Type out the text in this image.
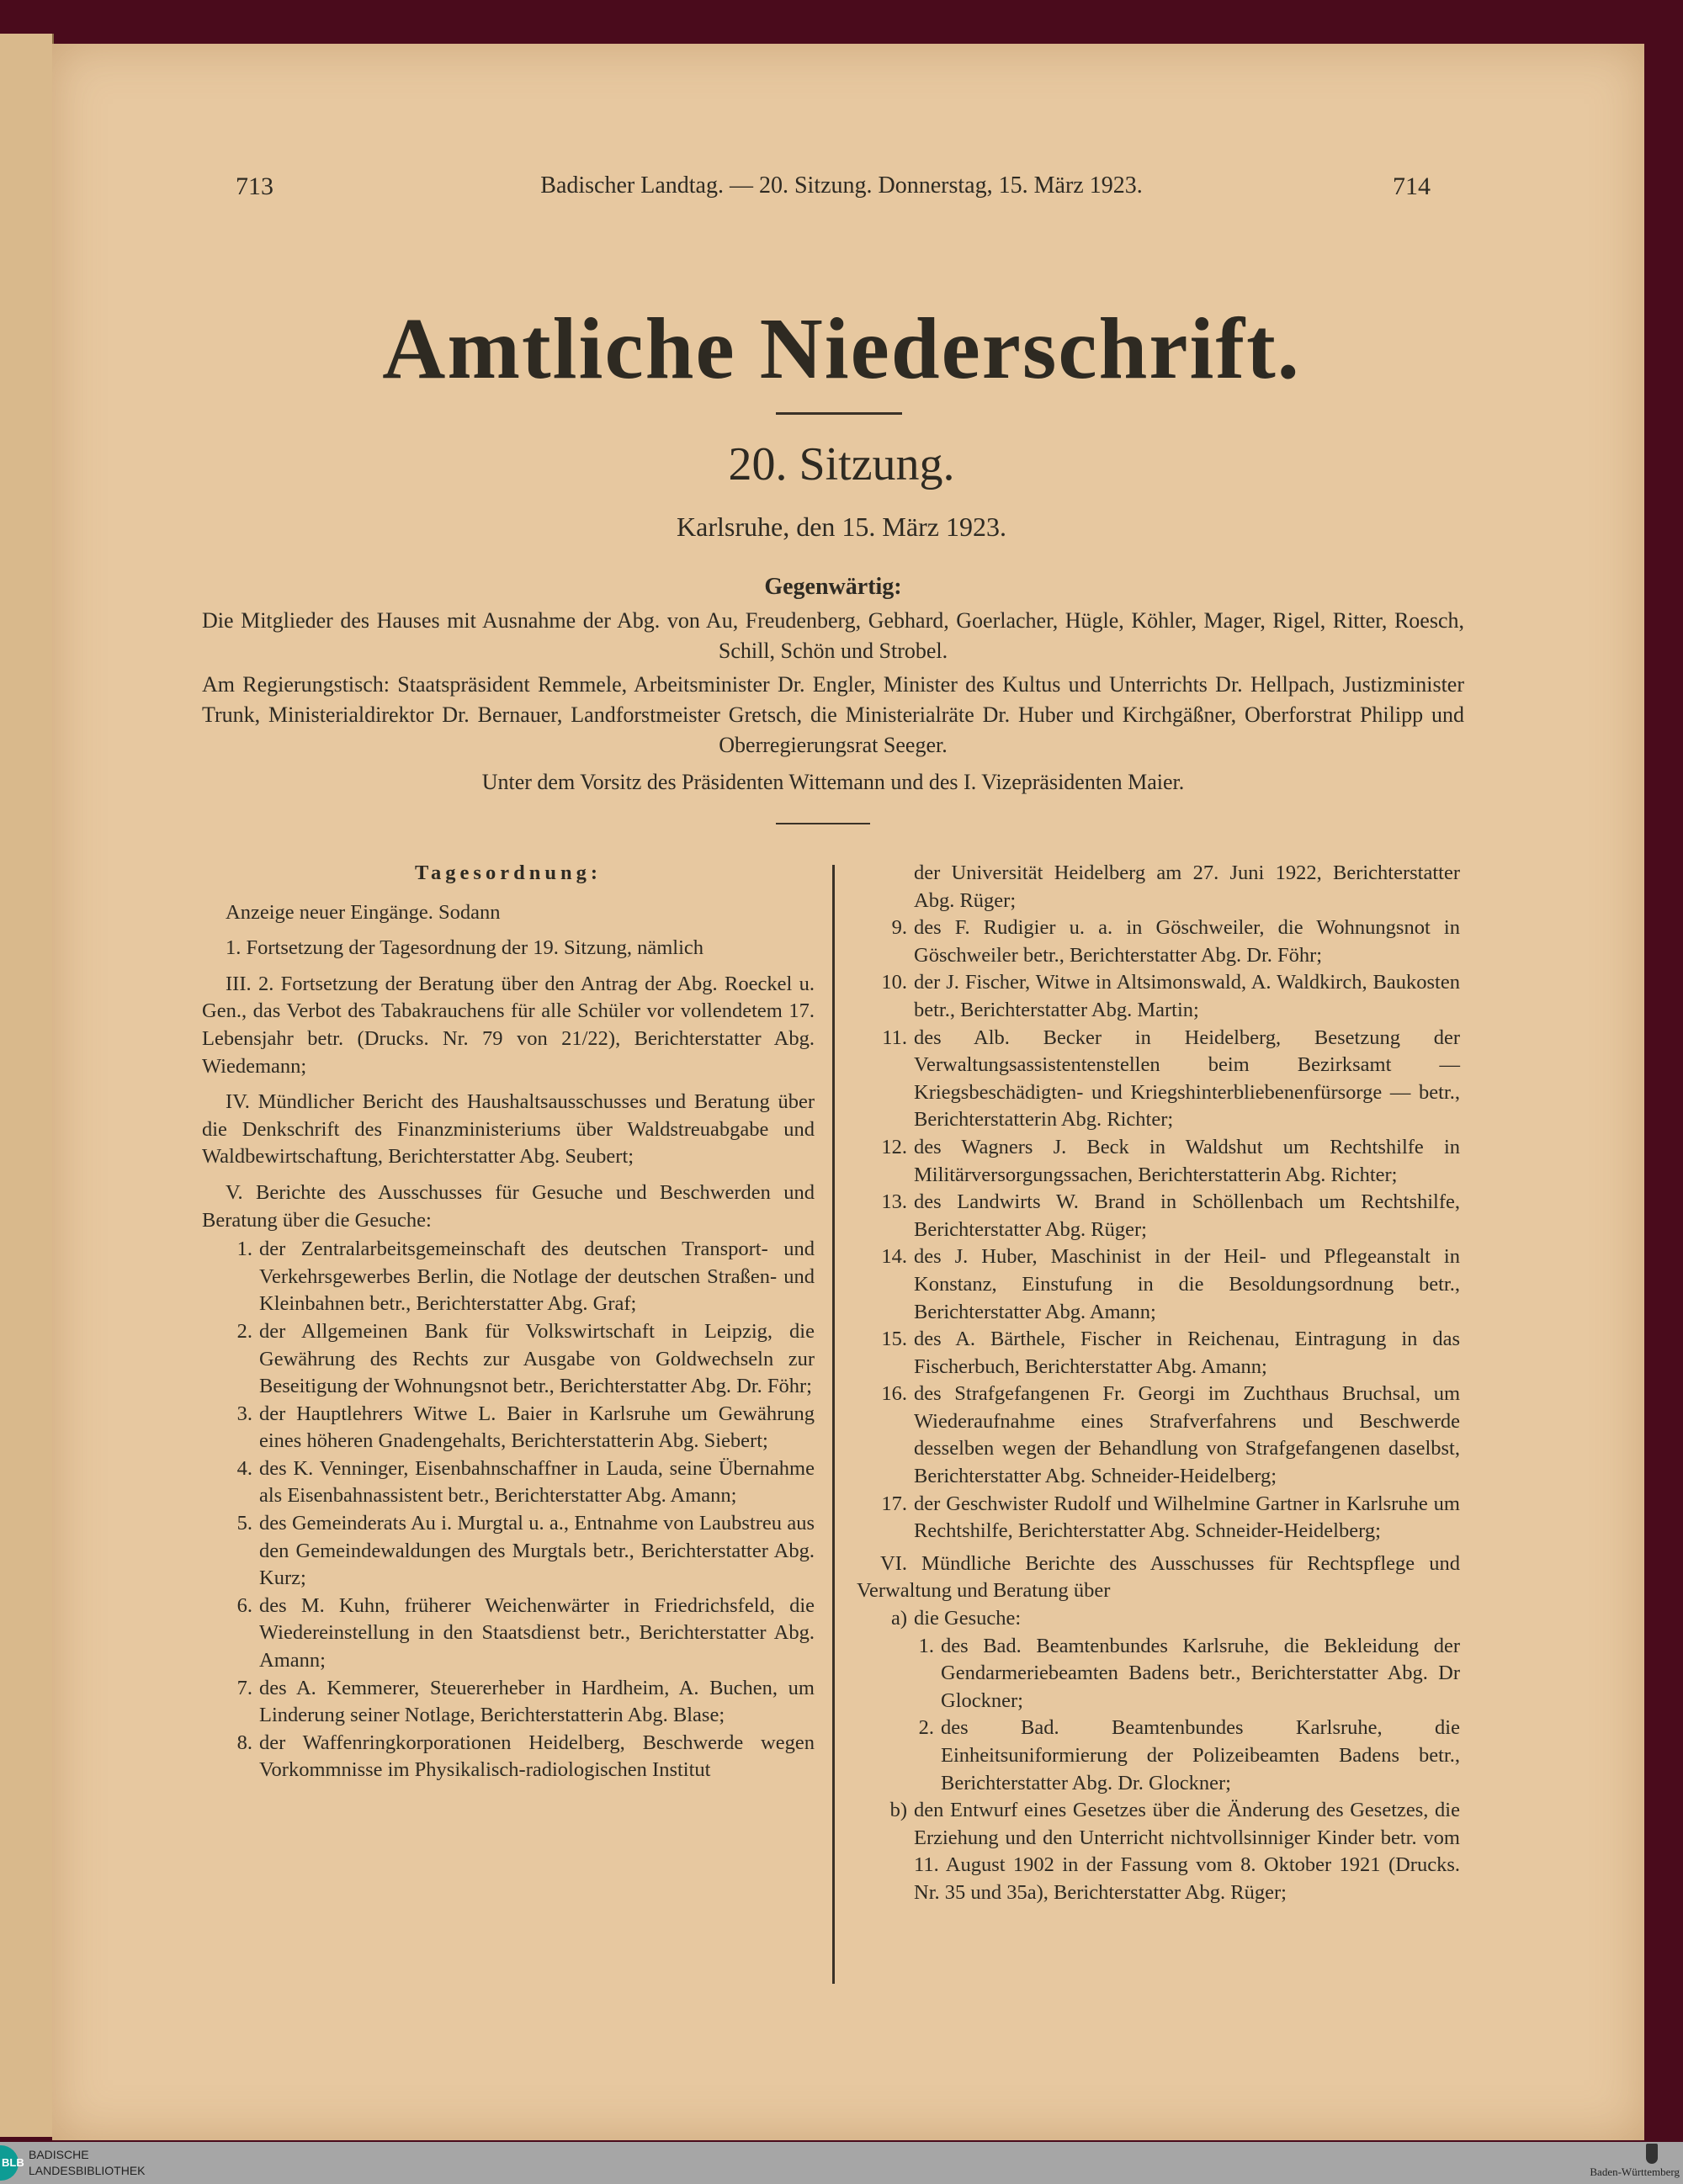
713	Badischer Landtag. — 20. Sitzung. Donnerstag, 15. März 1923.	714
Amtliche Niederschrift.
20. Sitzung.
Karlsruhe, den 15. März 1923.
Gegenwärtig:

Die Mitglieder des Hauses mit Ausnahme der Abg. von Au, Freudenberg, Gebhard, Goerlacher, Hügle, Köhler, Mager, Rigel, Ritter, Roesch, Schill, Schön und Strobel.

Am Regierungstisch: Staatspräsident Remmele, Arbeitsminister Dr. Engler, Minister des Kultus und Unterrichts Dr. Hellpach, Justizminister Trunk, Ministerialdirektor Dr. Bernauer, Landforstmeister Gretsch, die Ministerialräte Dr. Huber und Kirchgäßner, Oberforstrat Philipp und Oberregierungsrat Seeger.

Unter dem Vorsitz des Präsidenten Wittemann und des I. Vizepräsidenten Maier.

Tagesordnung:

Anzeige neuer Eingänge. Sodann

1. Fortsetzung der Tagesordnung der 19. Sitzung, nämlich

III. 2. Fortsetzung der Beratung über den Antrag der Abg. Roeckel u. Gen., das Verbot des Tabakrauchens für alle Schüler vor vollendetem 17. Lebensjahr betr. (Drucks. Nr. 79 von 21/22), Berichterstatter Abg. Wiedemann;

IV. Mündlicher Bericht des Haushaltsausschusses und Beratung über die Denkschrift des Finanzministeriums über Waldstreuabgabe und Waldbewirtschaftung, Berichterstatter Abg. Seubert;

V. Berichte des Ausschusses für Gesuche und Beschwerden und Beratung über die Gesuche:

1. der Zentralarbeitsgemeinschaft des deutschen Transport- und Verkehrsgewerbes Berlin, die Notlage der deutschen Straßen- und Kleinbahnen betr., Berichterstatter Abg. Graf;
2. der Allgemeinen Bank für Volkswirtschaft in Leipzig, die Gewährung des Rechts zur Ausgabe von Goldwechseln zur Beseitigung der Wohnungsnot betr., Berichterstatter Abg. Dr. Föhr;
3. der Hauptlehrers Witwe L. Baier in Karlsruhe um Gewährung eines höheren Gnadengehalts, Berichterstatterin Abg. Siebert;
4. des K. Venninger, Eisenbahnschaffner in Lauda, seine Übernahme als Eisenbahnassistent betr., Berichterstatter Abg. Amann;
5. des Gemeinderats Au i. Murgtal u. a., Entnahme von Laubstreu aus den Gemeindewaldungen des Murgtals betr., Berichterstatter Abg. Kurz;
6. des M. Kuhn, früherer Weichenwärter in Friedrichsfeld, die Wiedereinstellung in den Staatsdienst betr., Berichterstatter Abg. Amann;
7. des A. Kemmerer, Steuererheber in Hardheim, A. Buchen, um Linderung seiner Notlage, Berichterstatterin Abg. Blase;
8. der Waffenringkorporationen Heidelberg, Beschwerde wegen Vorkommnisse im Physikalisch-radiologischen Institut
der Universität Heidelberg am 27. Juni 1922, Berichterstatter Abg. Rüger;
9. des F. Rudigier u. a. in Göschweiler, die Wohnungsnot in Göschweiler betr., Berichterstatter Abg. Dr. Föhr;
10. der J. Fischer, Witwe in Altsimonswald, A. Waldkirch, Baukosten betr., Berichterstatter Abg. Martin;
11. des Alb. Becker in Heidelberg, Besetzung der Verwaltungsassistentenstellen beim Bezirksamt — Kriegsbeschädigten- und Kriegshinterbliebenenfürsorge — betr., Berichterstatterin Abg. Richter;
12. des Wagners J. Beck in Waldshut um Rechtshilfe in Militärversorgungssachen, Berichterstatterin Abg. Richter;
13. des Landwirts W. Brand in Schöllenbach um Rechtshilfe, Berichterstatter Abg. Rüger;
14. des J. Huber, Maschinist in der Heil- und Pflegeanstalt in Konstanz, Einstufung in die Besoldungsordnung betr., Berichterstatter Abg. Amann;
15. des A. Bärthele, Fischer in Reichenau, Eintragung in das Fischerbuch, Berichterstatter Abg. Amann;
16. des Strafgefangenen Fr. Georgi im Zuchthaus Bruchsal, um Wiederaufnahme eines Strafverfahrens und Beschwerde desselben wegen der Behandlung von Strafgefangenen daselbst, Berichterstatter Abg. Schneider-Heidelberg;
17. der Geschwister Rudolf und Wilhelmine Gartner in Karlsruhe um Rechtshilfe, Berichterstatter Abg. Schneider-Heidelberg;

VI. Mündliche Berichte des Ausschusses für Rechtspflege und Verwaltung und Beratung über

a) die Gesuche:
1. des Bad. Beamtenbundes Karlsruhe, die Bekleidung der Gendarmeriebeamten Badens betr., Berichterstatter Abg. Dr Glockner;
2. des Bad. Beamtenbundes Karlsruhe, die Einheitsuniformierung der Polizeibeamten Badens betr., Berichterstatter Abg. Dr. Glockner;
b) den Entwurf eines Gesetzes über die Änderung des Gesetzes, die Erziehung und den Unterricht nichtvollsinniger Kinder betr. vom 11. August 1902 in der Fassung vom 8. Oktober 1921 (Drucks. Nr. 35 und 35a), Berichterstatter Abg. Rüger;
BLB
BADISCHE
LANDESBIBLIOTHEK	Baden-Württemberg
